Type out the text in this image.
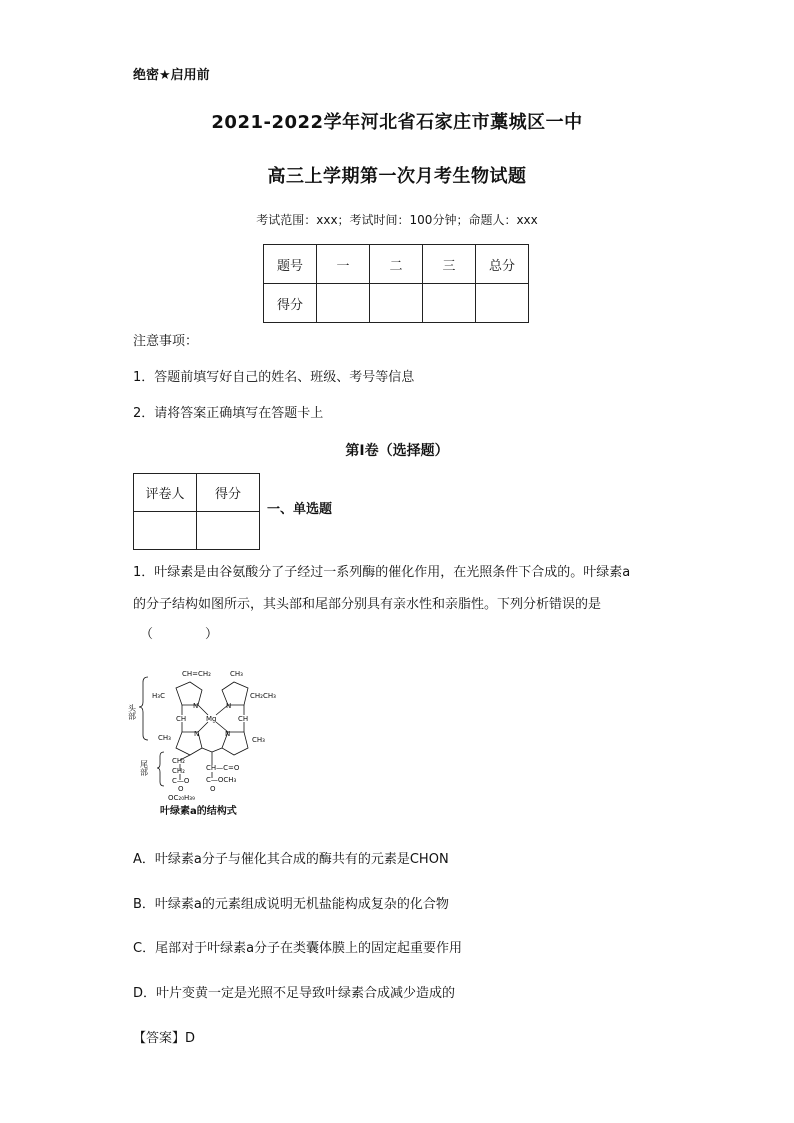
绝密★启用前
2021-2022学年河北省石家庄市藁城区一中
高三上学期第一次月考生物试题
考试范围：xxx；考试时间：100分钟；命题人：xxx
题号	一	二	三	总分
得分				
注意事项：
1．答题前填写好自己的姓名、班级、考号等信息
2．请将答案正确填写在答题卡上
第I卷（选择题）
评卷人	得分

一、单选题
1．叶绿素是由谷氨酸分了子经过一系列酶的催化作用，在光照条件下合成的。叶绿素a
的分子结构如图所示，其头部和尾部分别具有亲水性和亲脂性。下列分析错误的是
（　　　　）
头部
尾部
CH=CH₂	CH₃
H₃C	CH₂CH₃
CH
N
Mg
N
CH
N	N
CH₃	CH₃
CH₂
CH₂
C—O
O
OC₂₀H₃₉
CH—C=O
C—OCH₃
O
叶绿素a的结构式
A．叶绿素a分子与催化其合成的酶共有的元素是CHON
B．叶绿素a的元素组成说明无机盐能构成复杂的化合物
C．尾部对于叶绿素a分子在类囊体膜上的固定起重要作用
D．叶片变黄一定是光照不足导致叶绿素合成减少造成的
【答案】D
